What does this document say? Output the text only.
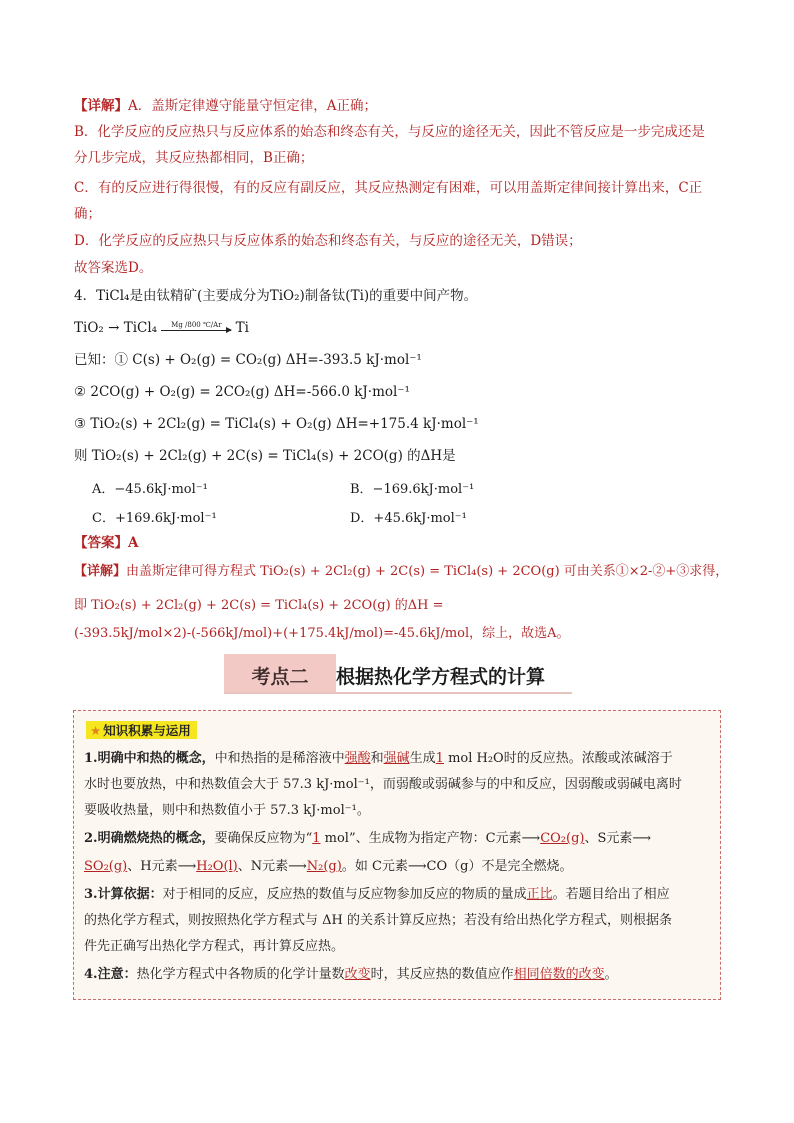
【详解】A．盖斯定律遵守能量守恒定律，A正确；
B．化学反应的反应热只与反应体系的始态和终态有关，与反应的途径无关，因此不管反应是一步完成还是
分几步完成，其反应热都相同，B正确；
C．有的反应进行得很慢，有的反应有副反应，其反应热测定有困难，可以用盖斯定律间接计算出来，C正
确；
D．化学反应的反应热只与反应体系的始态和终态有关，与反应的途径无关，D错误；
故答案选D。
4．TiCl₄是由钛精矿(主要成分为TiO₂)制备钛(Ti)的重要中间产物。
TiO₂ → TiCl₄	Mg /800 ℃/Ar	Ti
已知：① C(s) + O₂(g) = CO₂(g) ΔH=-393.5 kJ·mol⁻¹
② 2CO(g) + O₂(g) = 2CO₂(g) ΔH=-566.0 kJ·mol⁻¹
③ TiO₂(s) + 2Cl₂(g) = TiCl₄(s) + O₂(g) ΔH=+175.4 kJ·mol⁻¹
则 TiO₂(s) + 2Cl₂(g) + 2C(s) = TiCl₄(s) + 2CO(g) 的ΔH是
A．−45.6kJ·mol⁻¹	B．−169.6kJ·mol⁻¹
C．+169.6kJ·mol⁻¹	D．+45.6kJ·mol⁻¹
【答案】A
【详解】由盖斯定律可得方程式 TiO₂(s) + 2Cl₂(g) + 2C(s) = TiCl₄(s) + 2CO(g) 可由关系①×2-②+③求得，
即 TiO₂(s) + 2Cl₂(g) + 2C(s) = TiCl₄(s) + 2CO(g) 的ΔH =
(-393.5kJ/mol×2)-(-566kJ/mol)+(+175.4kJ/mol)=-45.6kJ/mol，综上，故选A。
考点二	根据热化学方程式的计算
★ 知识积累与运用
1.明确中和热的概念，中和热指的是稀溶液中强酸和强碱生成1 mol H₂O时的反应热。浓酸或浓碱溶于
水时也要放热，中和热数值会大于 57.3 kJ·mol⁻¹，而弱酸或弱碱参与的中和反应，因弱酸或弱碱电离时
要吸收热量，则中和热数值小于 57.3 kJ·mol⁻¹。
2.明确燃烧热的概念，要确保反应物为“1 mol”、生成物为指定产物：C元素⟶CO₂(g)、S元素⟶
SO₂(g)、H元素⟶H₂O(l)、N元素⟶N₂(g)。如 C元素⟶CO（g）不是完全燃烧。
3.计算依据：对于相同的反应，反应热的数值与反应物参加反应的物质的量成正比。若题目给出了相应
的热化学方程式，则按照热化学方程式与 ΔH 的关系计算反应热；若没有给出热化学方程式，则根据条
件先正确写出热化学方程式，再计算反应热。
4.注意：热化学方程式中各物质的化学计量数改变时，其反应热的数值应作相同倍数的改变。
